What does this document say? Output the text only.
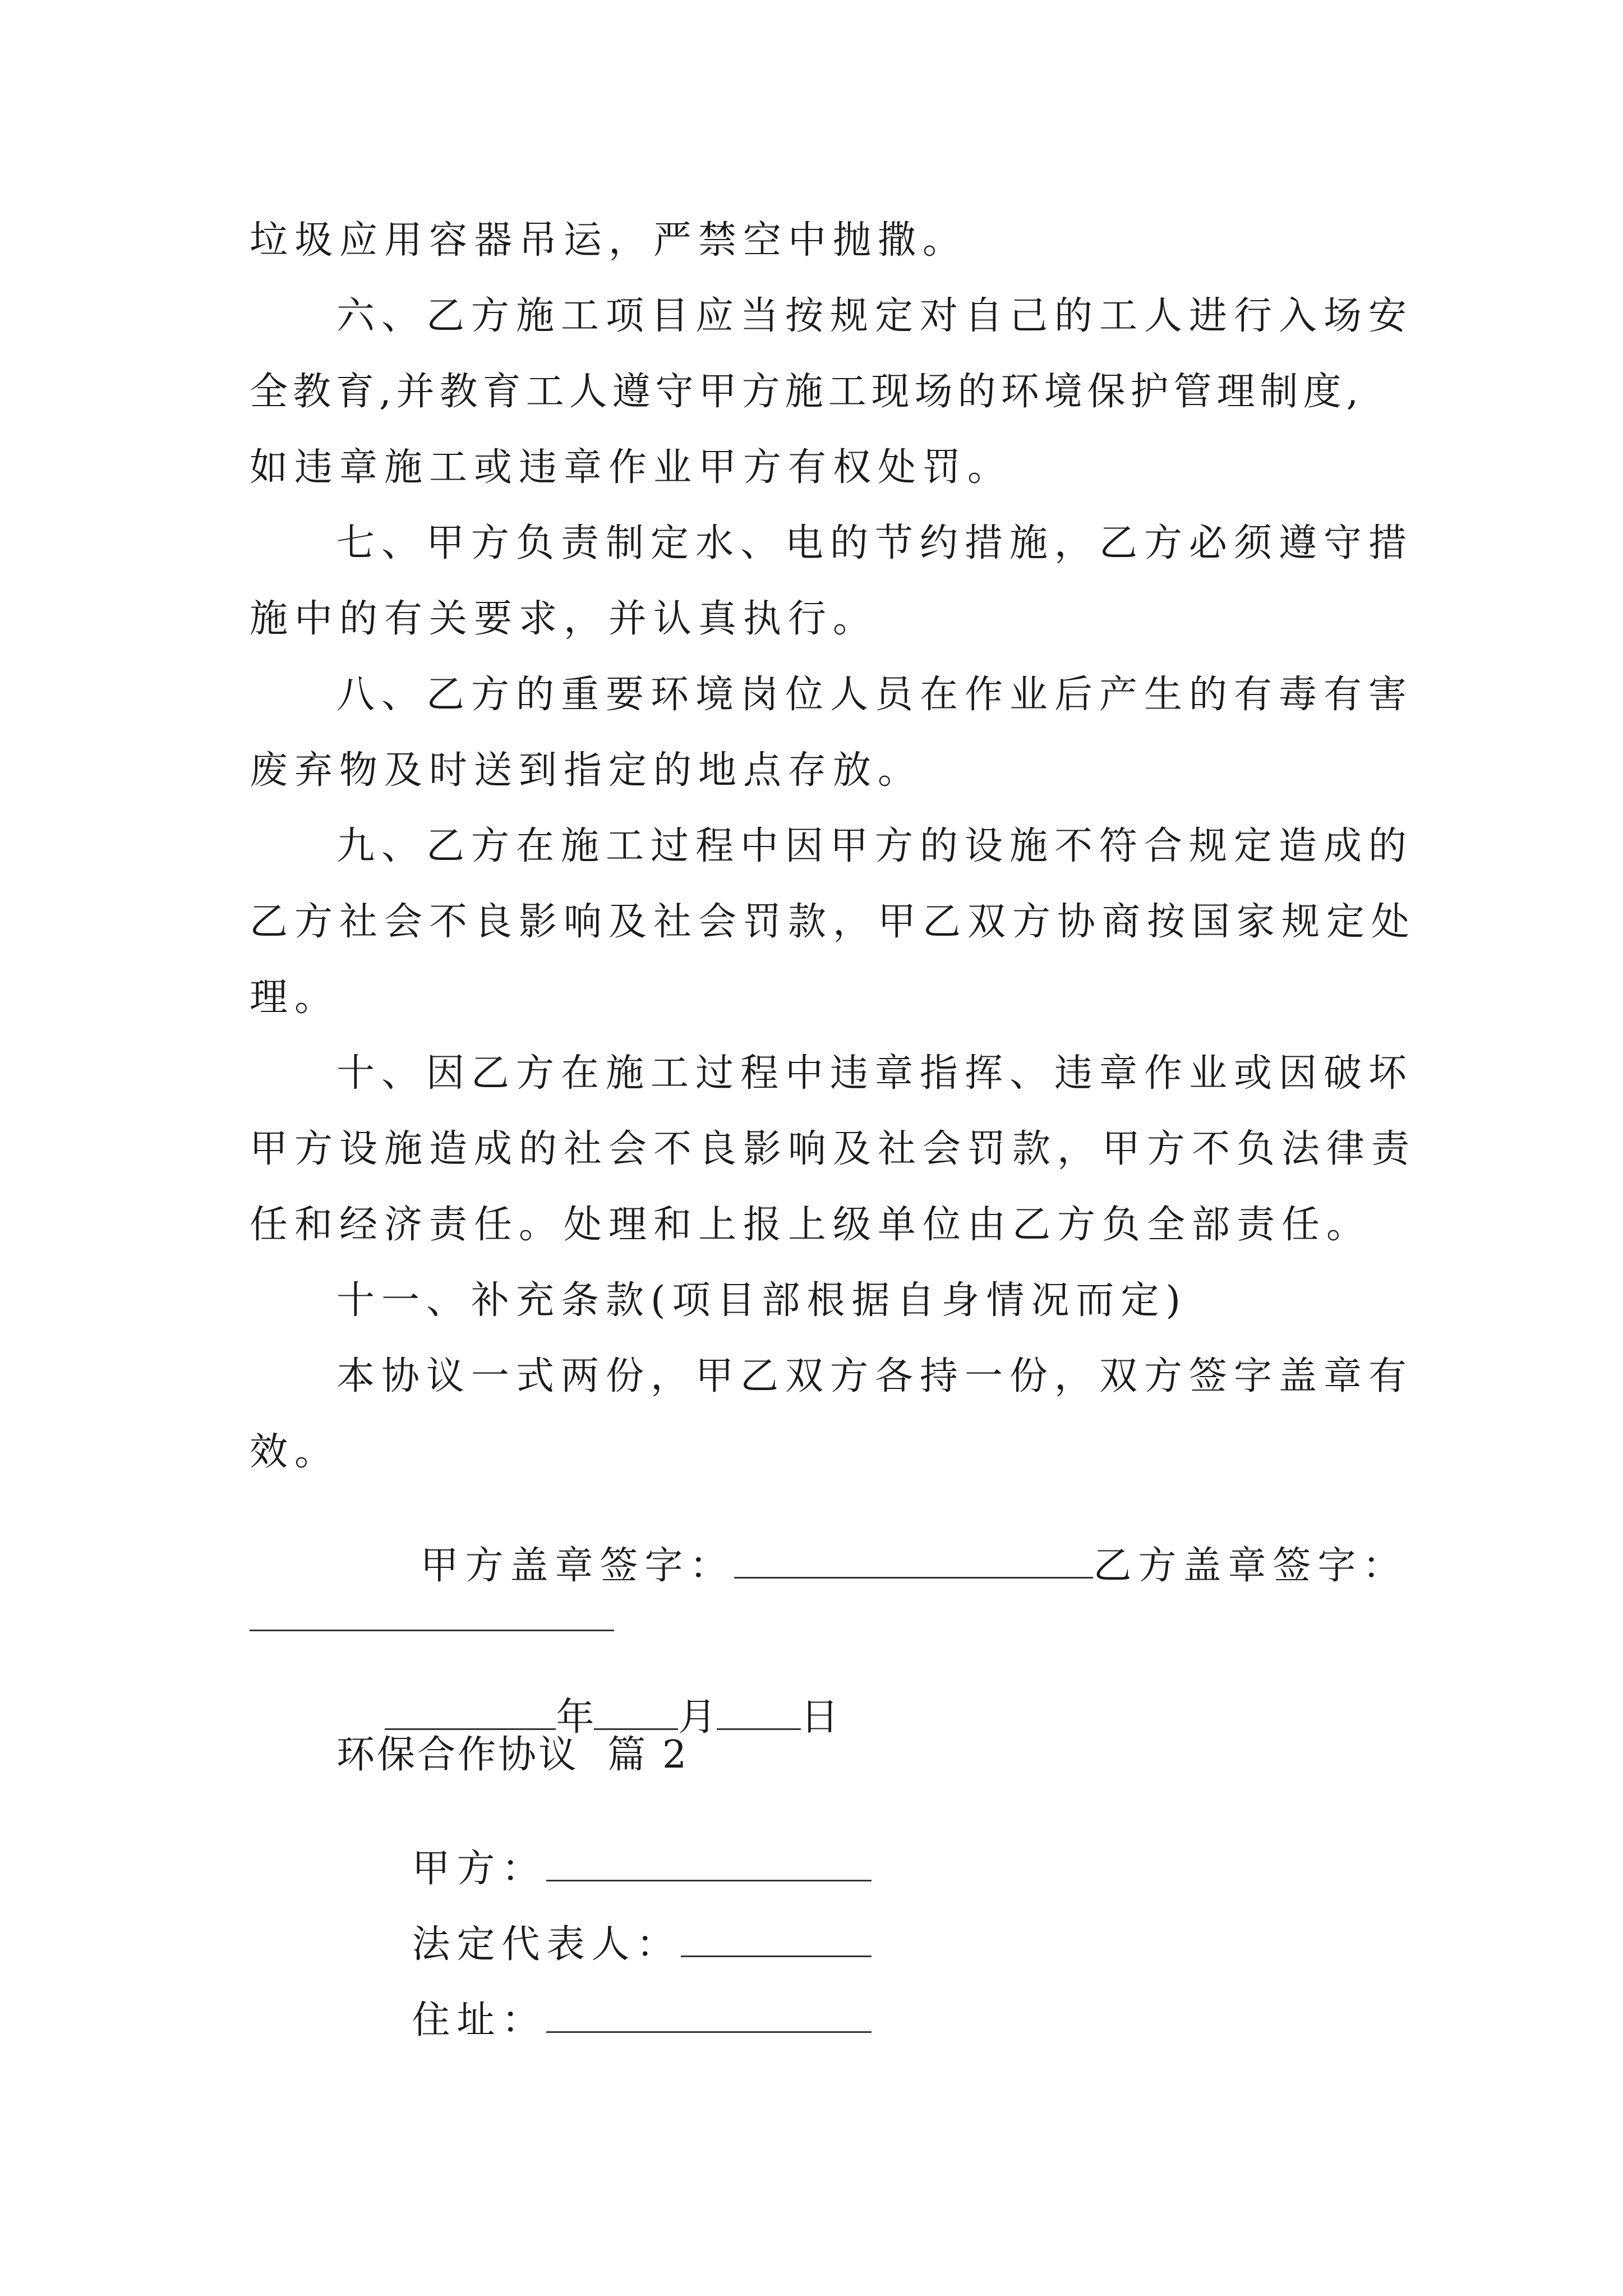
垃圾应用容器吊运，严禁空中抛撒。
六、乙方施工项目应当按规定对自己的工人进行入场安
全教育,并教育工人遵守甲方施工现场的环境保护管理制度,
如违章施工或违章作业甲方有权处罚。
七、甲方负责制定水、电的节约措施，乙方必须遵守措
施中的有关要求，并认真执行。
八、乙方的重要环境岗位人员在作业后产生的有毒有害
废弃物及时送到指定的地点存放。
九、乙方在施工过程中因甲方的设施不符合规定造成的
乙方社会不良影响及社会罚款，甲乙双方协商按国家规定处
理。
十、因乙方在施工过程中违章指挥、违章作业或因破坏
甲方设施造成的社会不良影响及社会罚款，甲方不负法律责
任和经济责任。处理和上报上级单位由乙方负全部责任。
十一、补充条款(项目部根据自身情况而定)
本协议一式两份，甲乙双方各持一份，双方签字盖章有
效。

甲方盖章签字：	乙方盖章签字：

年 月 日

环保合作协议  篇 2

甲方：

法定代表人：

住址：
